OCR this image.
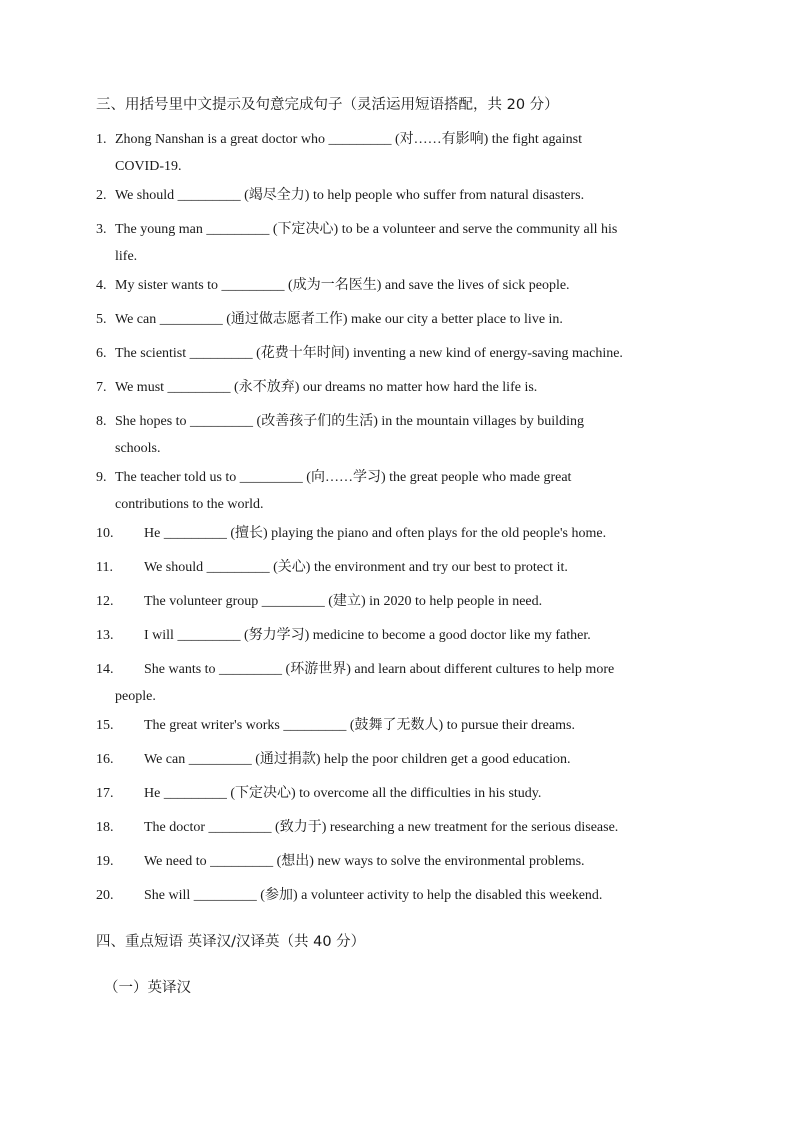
三、用括号里中文提示及句意完成句子（灵活运用短语搭配，共 20 分）
1. Zhong Nanshan is a great doctor who _________ (对……有影响) the fight against
COVID-19.
2. We should _________ (竭尽全力) to help people who suffer from natural disasters.
3. The young man _________ (下定决心) to be a volunteer and serve the community all his
life.
4. My sister wants to _________ (成为一名医生) and save the lives of sick people.
5. We can _________ (通过做志愿者工作) make our city a better place to live in.
6. The scientist _________ (花费十年时间) inventing a new kind of energy-saving machine.
7. We must _________ (永不放弃) our dreams no matter how hard the life is.
8. She hopes to _________ (改善孩子们的生活) in the mountain villages by building
schools.
9. The teacher told us to _________ (向……学习) the great people who made great
contributions to the world.
10. He _________ (擅长) playing the piano and often plays for the old people's home.
11. We should _________ (关心) the environment and try our best to protect it.
12. The volunteer group _________ (建立) in 2020 to help people in need.
13. I will _________ (努力学习) medicine to become a good doctor like my father.
14. She wants to _________ (环游世界) and learn about different cultures to help more
people.
15. The great writer's works _________ (鼓舞了无数人) to pursue their dreams.
16. We can _________ (通过捐款) help the poor children get a good education.
17. He _________ (下定决心) to overcome all the difficulties in his study.
18. The doctor _________ (致力于) researching a new treatment for the serious disease.
19. We need to _________ (想出) new ways to solve the environmental problems.
20. She will _________ (参加) a volunteer activity to help the disabled this weekend.
四、重点短语 英译汉/汉译英（共 40 分）
（一）英译汉
